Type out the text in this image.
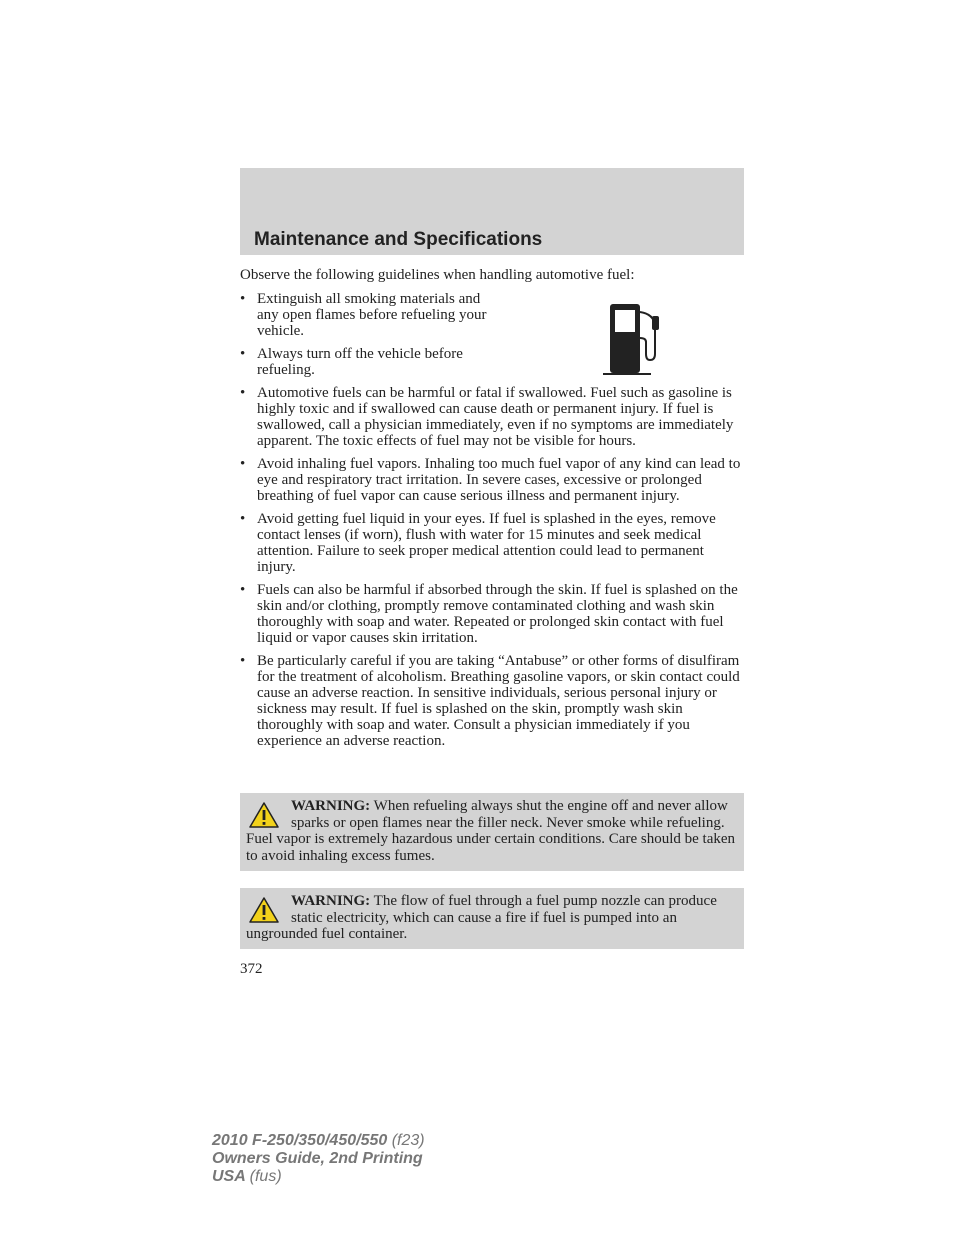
Maintenance and Specifications

Observe the following guidelines when handling automotive fuel:

• Extinguish all smoking materials and any open flames before refueling your vehicle.
• Always turn off the vehicle before refueling.
• Automotive fuels can be harmful or fatal if swallowed. Fuel such as gasoline is highly toxic and if swallowed can cause death or permanent injury. If fuel is swallowed, call a physician immediately, even if no symptoms are immediately apparent. The toxic effects of fuel may not be visible for hours.
• Avoid inhaling fuel vapors. Inhaling too much fuel vapor of any kind can lead to eye and respiratory tract irritation. In severe cases, excessive or prolonged breathing of fuel vapor can cause serious illness and permanent injury.
• Avoid getting fuel liquid in your eyes. If fuel is splashed in the eyes, remove contact lenses (if worn), flush with water for 15 minutes and seek medical attention. Failure to seek proper medical attention could lead to permanent injury.
• Fuels can also be harmful if absorbed through the skin. If fuel is splashed on the skin and/or clothing, promptly remove contaminated clothing and wash skin thoroughly with soap and water. Repeated or prolonged skin contact with fuel liquid or vapor causes skin irritation.
• Be particularly careful if you are taking “Antabuse” or other forms of disulfiram for the treatment of alcoholism. Breathing gasoline vapors, or skin contact could cause an adverse reaction. In sensitive individuals, serious personal injury or sickness may result. If fuel is splashed on the skin, promptly wash skin thoroughly with soap and water. Consult a physician immediately if you experience an adverse reaction.
WARNING: When refueling always shut the engine off and never allow sparks or open flames near the filler neck. Never smoke while refueling. Fuel vapor is extremely hazardous under certain conditions. Care should be taken to avoid inhaling excess fumes.
WARNING: The flow of fuel through a fuel pump nozzle can produce static electricity, which can cause a fire if fuel is pumped into an ungrounded fuel container.
372
2010 F-250/350/450/550 (f23)
Owners Guide, 2nd Printing
USA (fus)
